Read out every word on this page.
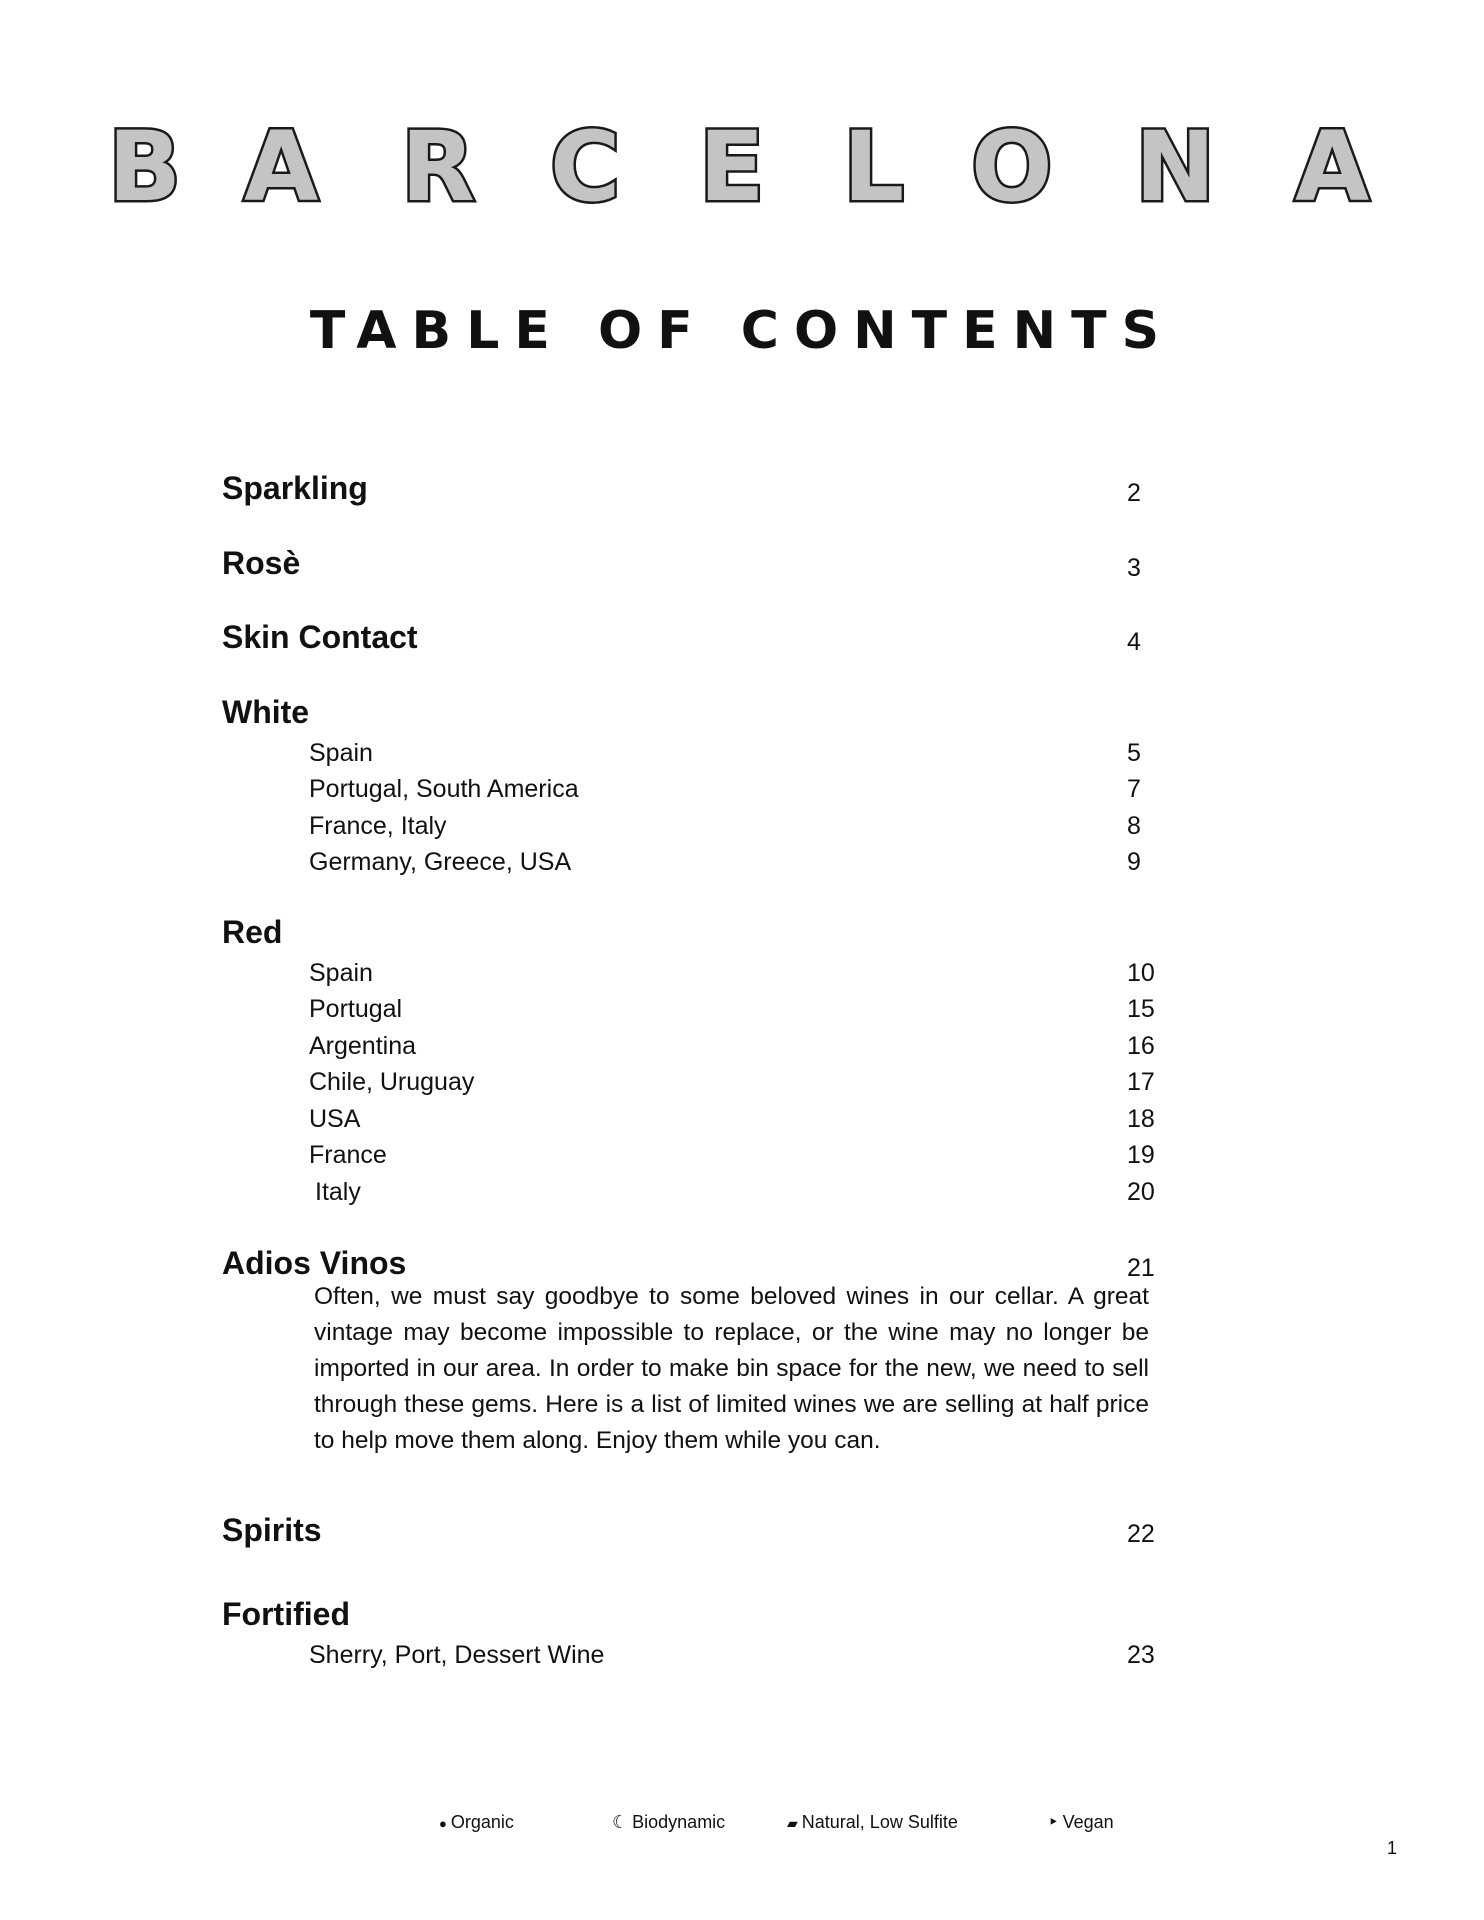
B A R C E L O N A
TABLE OF CONTENTS
Sparkling	2
Rosè	3
Skin Contact	4
White
Spain	5
Portugal, South America	7
France, Italy	8
Germany, Greece, USA	9
Red
Spain	10
Portugal	15
Argentina	16
Chile, Uruguay	17
USA	18
France	19
Italy	20
Adios Vinos	21
Often, we must say goodbye to some beloved wines in our cellar. A great vintage may become impossible to replace, or the wine may no longer be imported in our area. In order to make bin space for the new, we need to sell through these gems. Here is a list of limited wines we are selling at half price to help move them along. Enjoy them while you can.
Spirits	22
Fortified
Sherry, Port, Dessert Wine	23
● Organic	☾ Biodynamic	▰ Natural, Low Sulfite	‣ Vegan
1
